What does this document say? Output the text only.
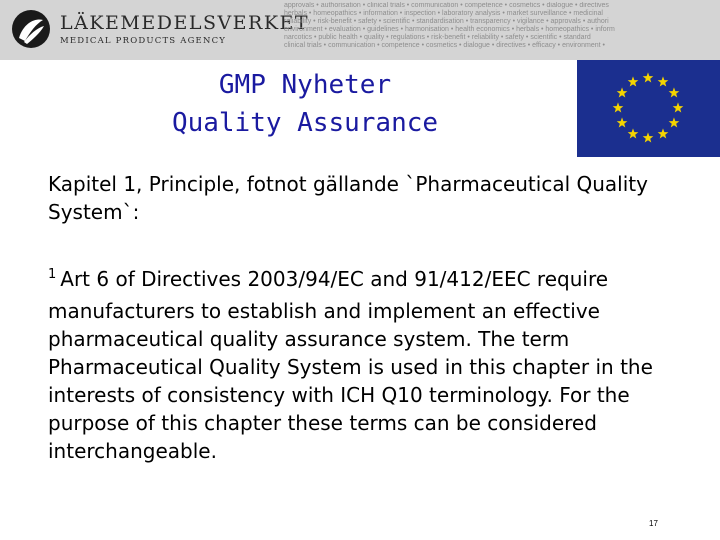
LÄKEMEDELSVERKET
MEDICAL PRODUCTS AGENCY
approvals • authorisation • clinical trials • communication • competence • cosmetics • dialogue • directives
herbals • homeopathics • information • inspection • laboratory analysis • market surveillance • medicinal
reliability • risk-benefit • safety • scientific • standardisation • transparency • vigilance • approvals • authori
environment • evaluation • guidelines • harmonisation • health economics • herbals • homeopathics • inform
narcotics • public health • quality • regulations • risk-benefit • reliability • safety • scientific • standard
clinical trials • communication • competence • cosmetics • dialogue • directives • efficacy • environment •
GMP Nyheter
Quality Assurance
Kapitel 1, Principle, fotnot gällande `Pharmaceutical Quality System`:
$^1$ Art 6 of Directives 2003/94/EC and 91/412/EEC require manufacturers to establish and implement an effective pharmaceutical quality assurance system. The term Pharmaceutical Quality System is used in this chapter in the interests of consistency with ICH Q10 terminology. For the purpose of this chapter these terms can be considered interchangeable.
17
